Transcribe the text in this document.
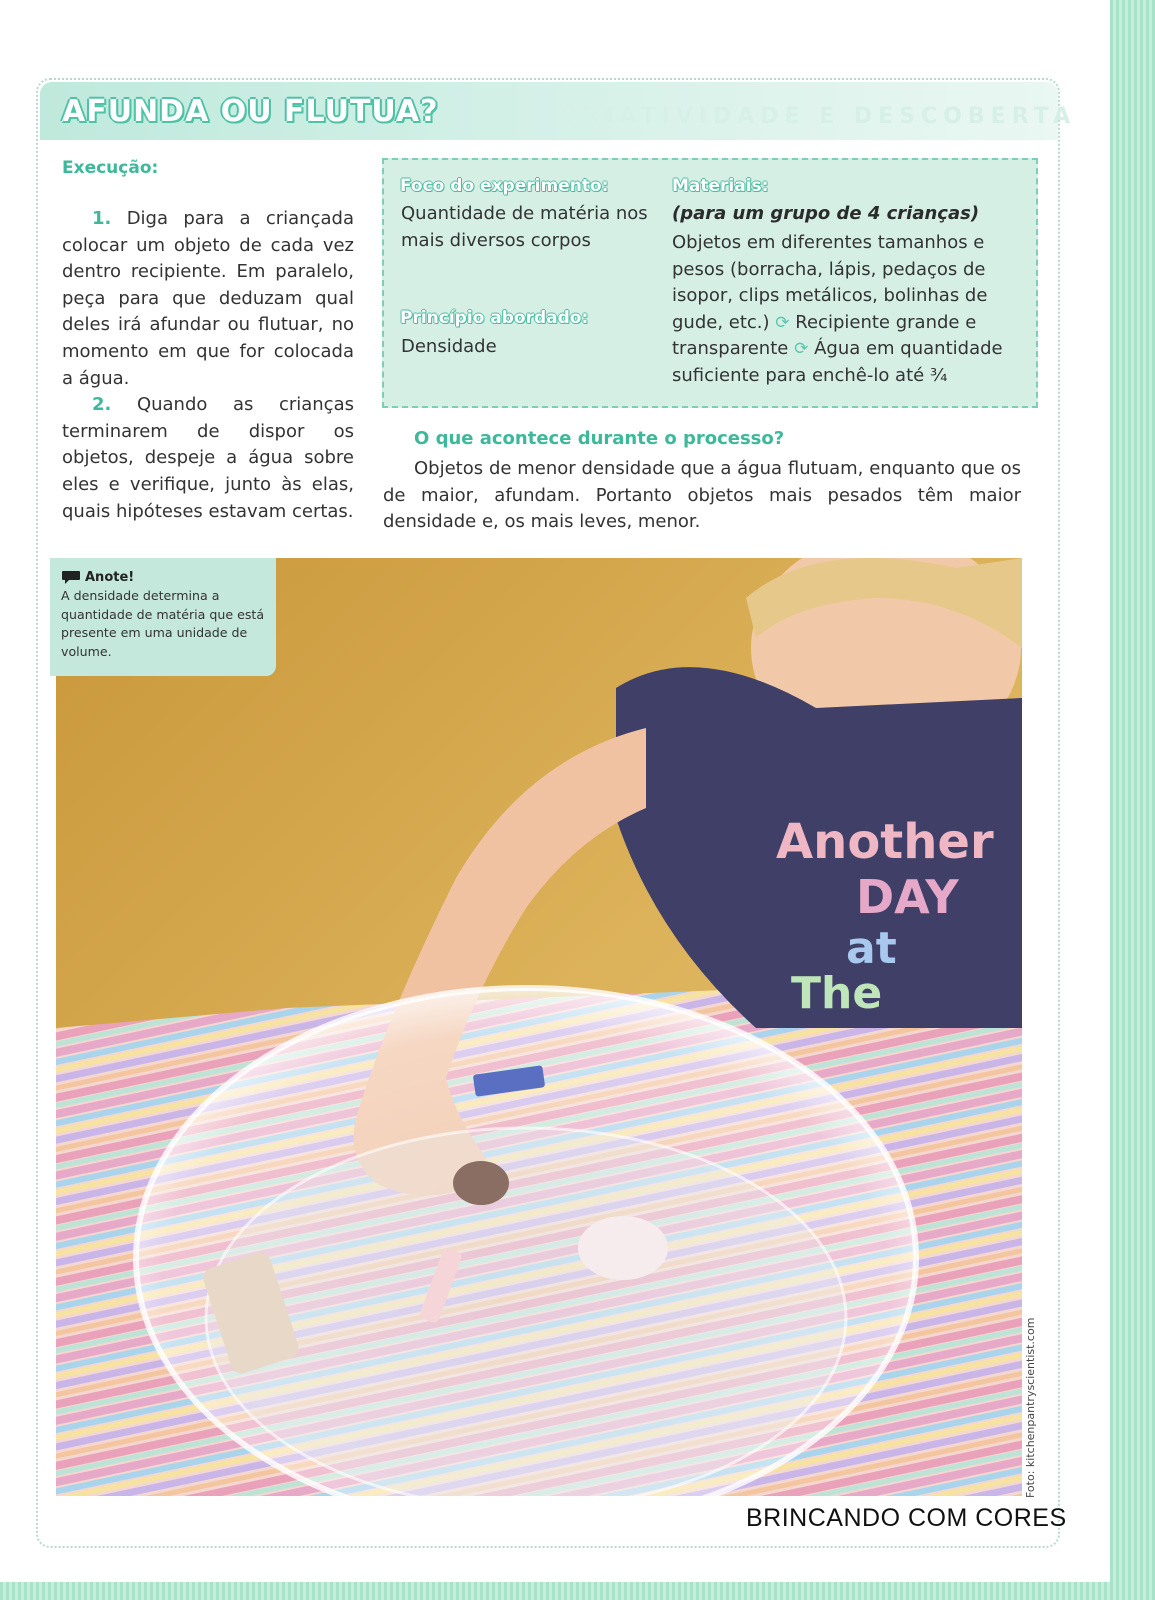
AFUNDA OU FLUTUA?	CRIATIVIDADE E DESCOBERTA
Execução:

1. Diga para a criançada colocar um objeto de cada vez dentro recipiente. Em paralelo, peça para que deduzam qual deles irá afundar ou flutuar, no momento em que for colocada a água.

2. Quando as crianças terminarem de dispor os objetos, despeje a água sobre eles e verifique, junto às elas, quais hipóteses estavam certas.

Foco do experimento:
Quantidade de matéria nos mais diversos corpos
Princípio abordado:
Densidade
Materiais:
(para um grupo de 4 crianças)
Objetos em diferentes tamanhos e pesos (borracha, lápis, pedaços de isopor, clips metálicos, bolinhas de gude, etc.) ⟳ Recipiente grande e transparente ⟳ Água em quantidade suficiente para enchê-lo até ¾
O que acontece durante o processo?
Objetos de menor densidade que a água flutuam, enquanto que os de maior, afundam. Portanto objetos mais pesados têm maior densidade e, os mais leves, menor.
Another
DAY
at
The
Anote!
A densidade determina a quantidade de matéria que está presente em uma unidade de volume.
Foto: kitchenpantryscientist.com
BRINCANDO COM CORES
